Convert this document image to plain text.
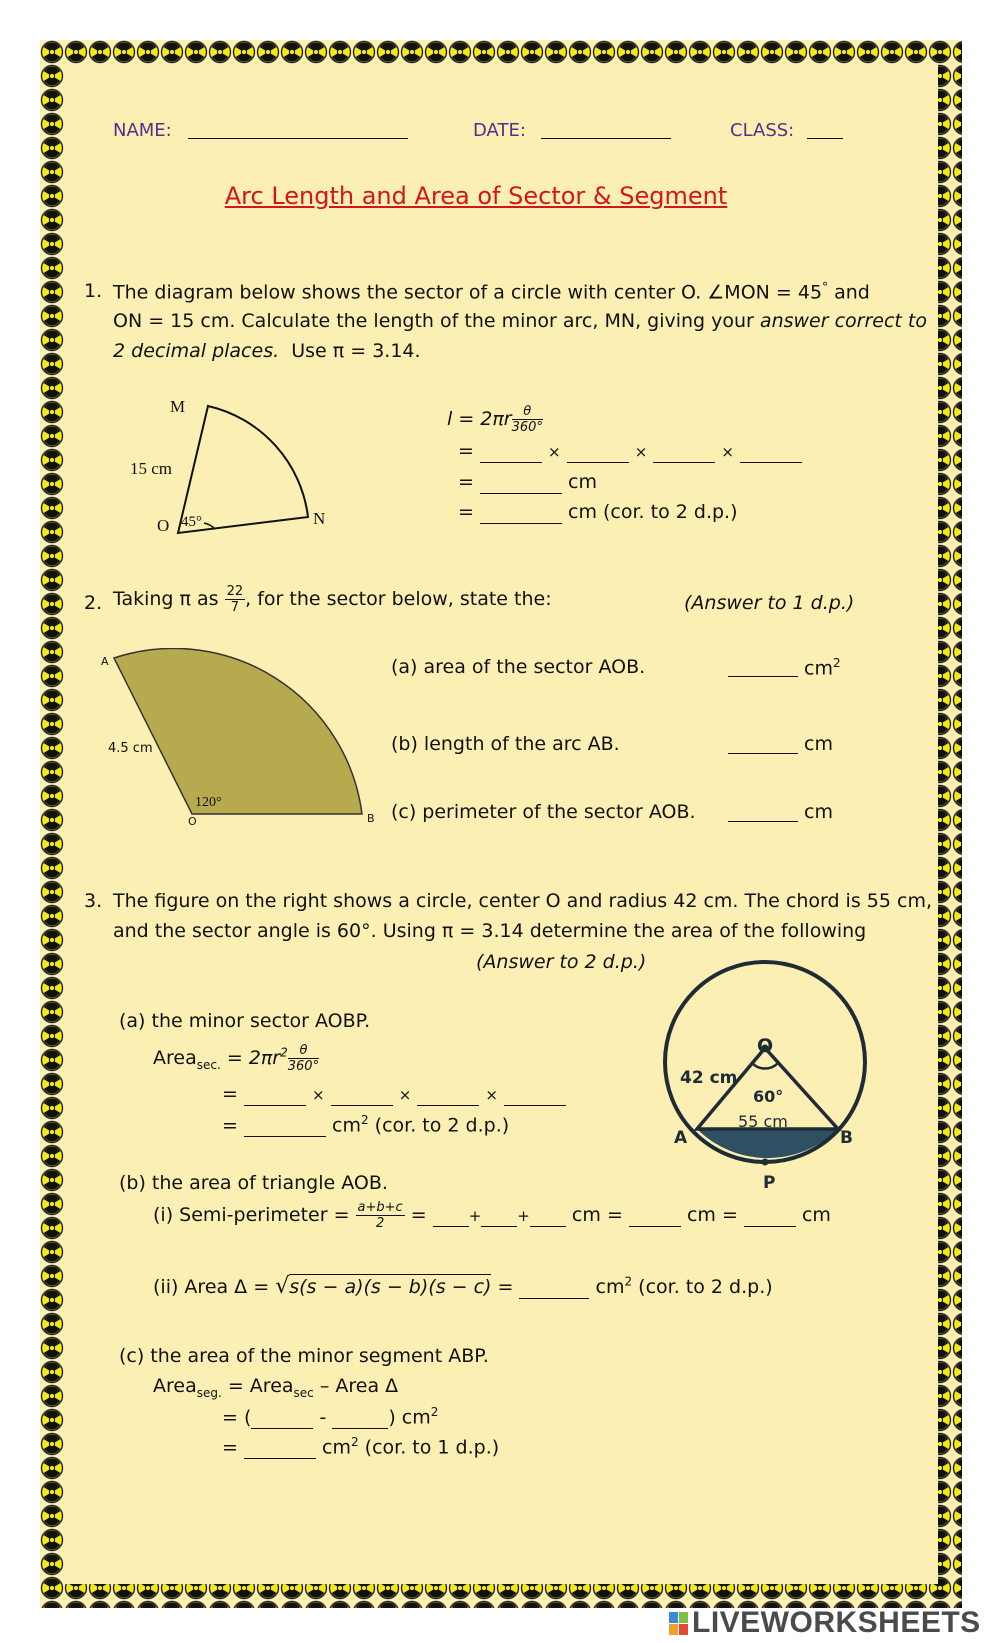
NAME:	DATE:	CLASS:
Arc Length and Area of Sector & Segment
1. The diagram below shows the sector of a circle with center O. ∠MON = 45° and
ON = 15 cm. Calculate the length of the minor arc, MN, giving your answer correct to
2 decimal places. Use π = 3.14.
M
15 cm
O 45°	N
$l = 2\pi r \frac{\theta}{360^\circ}$
=	×	×	×
=	cm
=	cm (cor. to 2 d.p.)
2. Taking π as $\frac{22}{7}$ , for the sector below, state the:	(Answer to 1 d.p.)
A
4.5 cm
120°
O	B
(a) area of the sector AOB.	$cm^2$
(b) length of the arc AB.	cm
(c) perimeter of the sector AOB.	cm
3. The figure on the right shows a circle, center O and radius 42 cm. The chord is 55 cm,
and the sector angle is 60°. Using π = 3.14 determine the area of the following
(Answer to 2 d.p.)
O
42 cm
60°
55 cm
A	B
P
(a) the minor sector AOBP.
Area$_{sec.}$ = $2\pi r^2 \frac{\theta}{360^\circ}$
=	×	×	×
=	$cm^2$ (cor. to 2 d.p.)
(b) the area of triangle AOB.
(i) Semi-perimeter = $\frac{a+b+c}{2}$ =	+ + cm =	cm =	cm
(ii) Area Δ = √s(s − a)(s − b)(s − c) =	$cm^2$ (cor. to 2 d.p.)
(c) the area of the minor segment ABP.
Area$_{seg.}$ = Area$_{sec}$ – Area Δ
= (	-	) $cm^2$
=	$cm^2$ (cor. to 1 d.p.)
LIVEWORKSHEETS
